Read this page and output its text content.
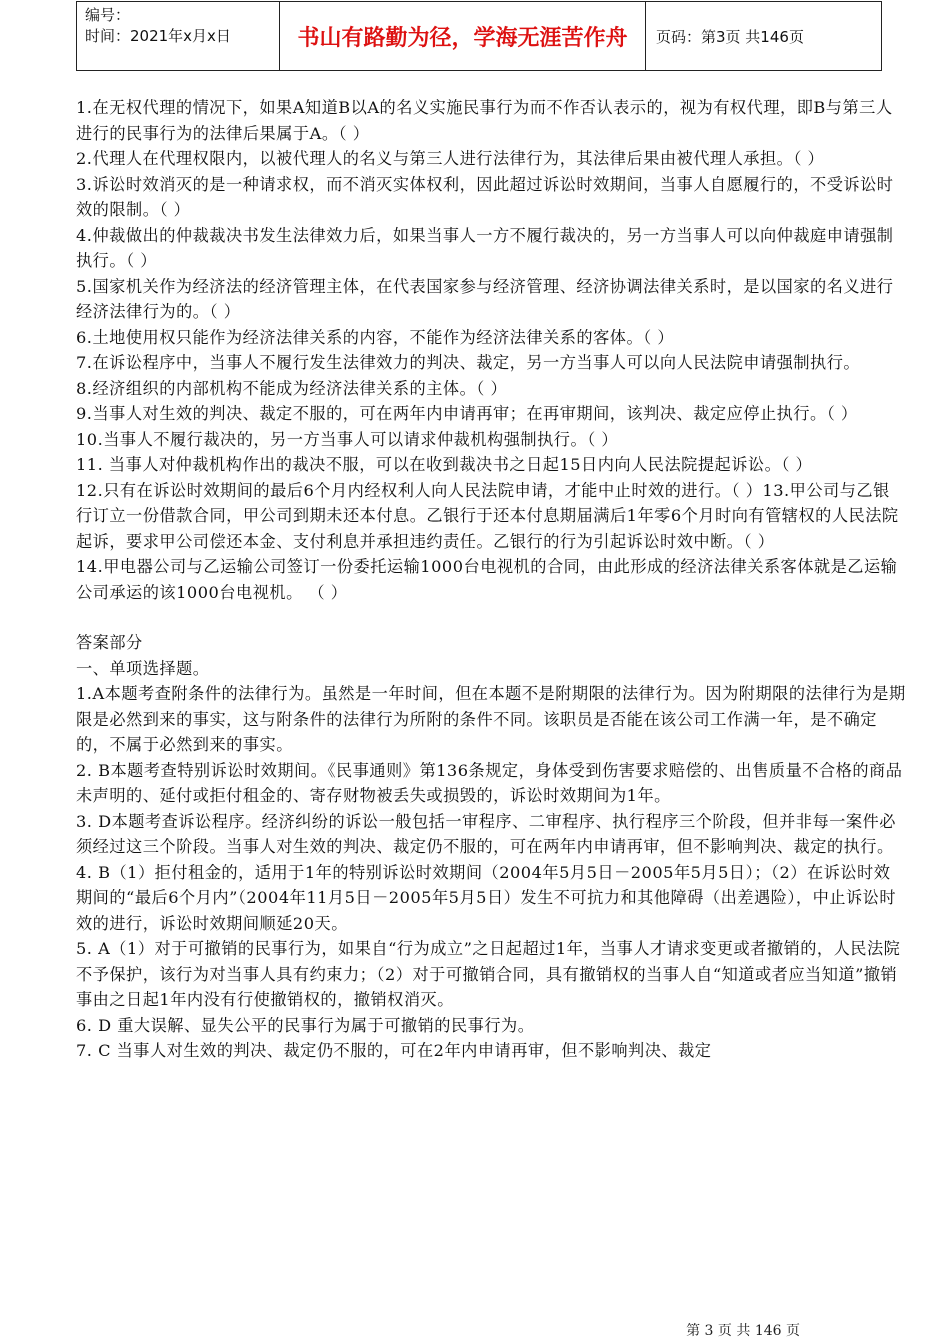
编号：
时间：2021年x月x日	书山有路勤为径，学海无涯苦作舟	页码：第3页 共146页

1.在无权代理的情况下，如果A知道B以A的名义实施民事行为而不作否认表示的，视为有权代理，即B与第三人进行的民事行为的法律后果属于A。（ ）

2.代理人在代理权限内，以被代理人的名义与第三人进行法律行为，其法律后果由被代理人承担。（ ）

3.诉讼时效消灭的是一种请求权，而不消灭实体权利，因此超过诉讼时效期间，当事人自愿履行的，不受诉讼时效的限制。（ ）

4.仲裁做出的仲裁裁决书发生法律效力后，如果当事人一方不履行裁决的，另一方当事人可以向仲裁庭申请强制执行。（ ）

5.国家机关作为经济法的经济管理主体，在代表国家参与经济管理、经济协调法律关系时，是以国家的名义进行经济法律行为的。（ ）

6.土地使用权只能作为经济法律关系的内容，不能作为经济法律关系的客体。（ ）

7.在诉讼程序中，当事人不履行发生法律效力的判决、裁定，另一方当事人可以向人民法院申请强制执行。

8.经济组织的内部机构不能成为经济法律关系的主体。（ ）

9.当事人对生效的判决、裁定不服的，可在两年内申请再审；在再审期间，该判决、裁定应停止执行。（ ）

10.当事人不履行裁决的，另一方当事人可以请求仲裁机构强制执行。（ ）

11. 当事人对仲裁机构作出的裁决不服，可以在收到裁决书之日起15日内向人民法院提起诉讼。（ ）

12.只有在诉讼时效期间的最后6个月内经权利人向人民法院申请，才能中止时效的进行。（ ）13.甲公司与乙银行订立一份借款合同，甲公司到期未还本付息。乙银行于还本付息期届满后1年零6个月时向有管辖权的人民法院起诉，要求甲公司偿还本金、支付利息并承担违约责任。乙银行的行为引起诉讼时效中断。（ ）

14.甲电器公司与乙运输公司签订一份委托运输1000台电视机的合同，由此形成的经济法律关系客体就是乙运输公司承运的该1000台电视机。 （ ）

答案部分

一、单项选择题。

1.A本题考查附条件的法律行为。虽然是一年时间，但在本题不是附期限的法律行为。因为附期限的法律行为是期限是必然到来的事实，这与附条件的法律行为所附的条件不同。该职员是否能在该公司工作满一年，是不确定的，不属于必然到来的事实。

2. B本题考查特别诉讼时效期间。《民事通则》第136条规定，身体受到伤害要求赔偿的、出售质量不合格的商品未声明的、延付或拒付租金的、寄存财物被丢失或损毁的，诉讼时效期间为1年。

3. D本题考查诉讼程序。经济纠纷的诉讼一般包括一审程序、二审程序、执行程序三个阶段，但并非每一案件必须经过这三个阶段。当事人对生效的判决、裁定仍不服的，可在两年内申请再审，但不影响判决、裁定的执行。

4. B（1）拒付租金的，适用于1年的特别诉讼时效期间（2004年5月5日－2005年5月5日）；（2）在诉讼时效期间的“最后6个月内”（2004年11月5日－2005年5月5日）发生不可抗力和其他障碍（出差遇险），中止诉讼时效的进行，诉讼时效期间顺延20天。

5. A（1）对于可撤销的民事行为，如果自“行为成立”之日起超过1年，当事人才请求变更或者撤销的，人民法院不予保护，该行为对当事人具有约束力；（2）对于可撤销合同，具有撤销权的当事人自“知道或者应当知道”撤销事由之日起1年内没有行使撤销权的，撤销权消灭。

6. D 重大误解、显失公平的民事行为属于可撤销的民事行为。

7. C 当事人对生效的判决、裁定仍不服的，可在2年内申请再审，但不影响判决、裁定

第 3 页 共 146 页
